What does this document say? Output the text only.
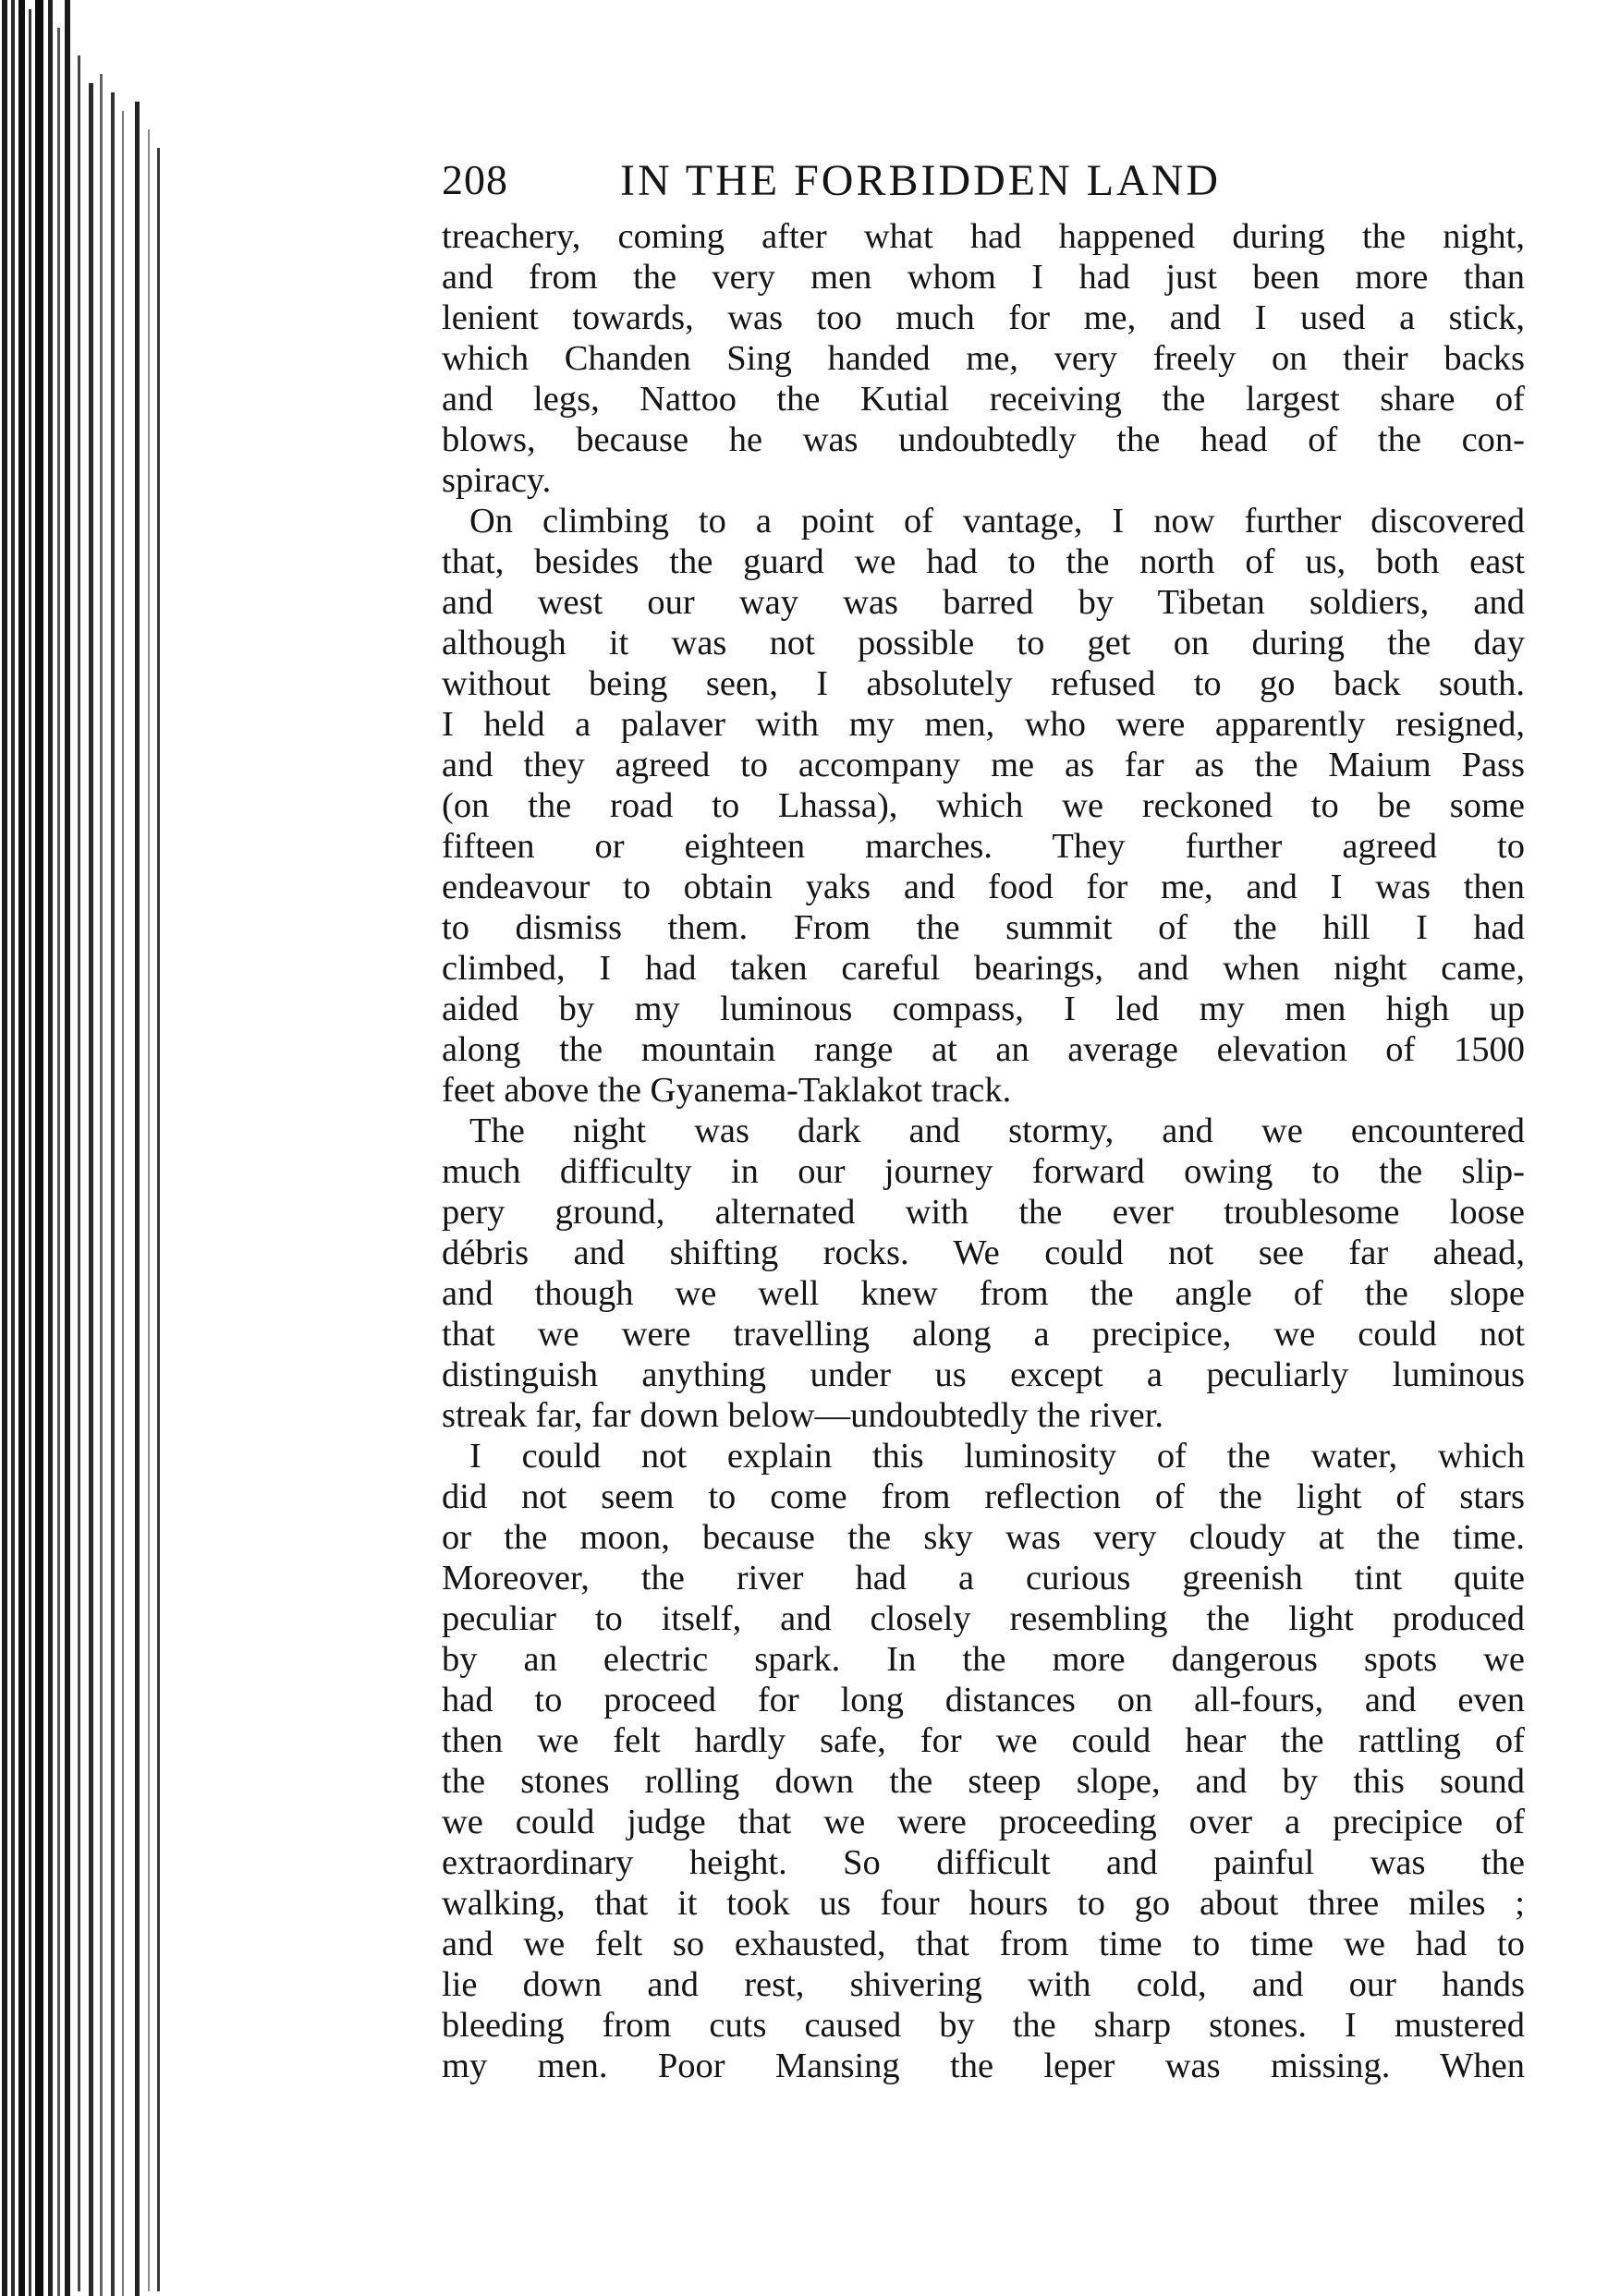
208	IN THE FORBIDDEN LAND
treachery, coming after what had happened during the night,
and from the very men whom I had just been more than
lenient towards, was too much for me, and I used a stick,
which Chanden Sing handed me, very freely on their backs
and legs, Nattoo the Kutial receiving the largest share of
blows, because he was undoubtedly the head of the con-
spiracy.
On climbing to a point of vantage, I now further discovered
that, besides the guard we had to the north of us, both east
and west our way was barred by Tibetan soldiers, and
although it was not possible to get on during the day
without being seen, I absolutely refused to go back south.
I held a palaver with my men, who were apparently resigned,
and they agreed to accompany me as far as the Maium Pass
(on the road to Lhassa), which we reckoned to be some
fifteen or eighteen marches. They further agreed to
endeavour to obtain yaks and food for me, and I was then
to dismiss them. From the summit of the hill I had
climbed, I had taken careful bearings, and when night came,
aided by my luminous compass, I led my men high up
along the mountain range at an average elevation of 1500
feet above the Gyanema-Taklakot track.
The night was dark and stormy, and we encountered
much difficulty in our journey forward owing to the slip-
pery ground, alternated with the ever troublesome loose
débris and shifting rocks. We could not see far ahead,
and though we well knew from the angle of the slope
that we were travelling along a precipice, we could not
distinguish anything under us except a peculiarly luminous
streak far, far down below—undoubtedly the river.
I could not explain this luminosity of the water, which
did not seem to come from reflection of the light of stars
or the moon, because the sky was very cloudy at the time.
Moreover, the river had a curious greenish tint quite
peculiar to itself, and closely resembling the light produced
by an electric spark. In the more dangerous spots we
had to proceed for long distances on all-fours, and even
then we felt hardly safe, for we could hear the rattling of
the stones rolling down the steep slope, and by this sound
we could judge that we were proceeding over a precipice of
extraordinary height. So difficult and painful was the
walking, that it took us four hours to go about three miles ;
and we felt so exhausted, that from time to time we had to
lie down and rest, shivering with cold, and our hands
bleeding from cuts caused by the sharp stones. I mustered
my men. Poor Mansing the leper was missing. When
